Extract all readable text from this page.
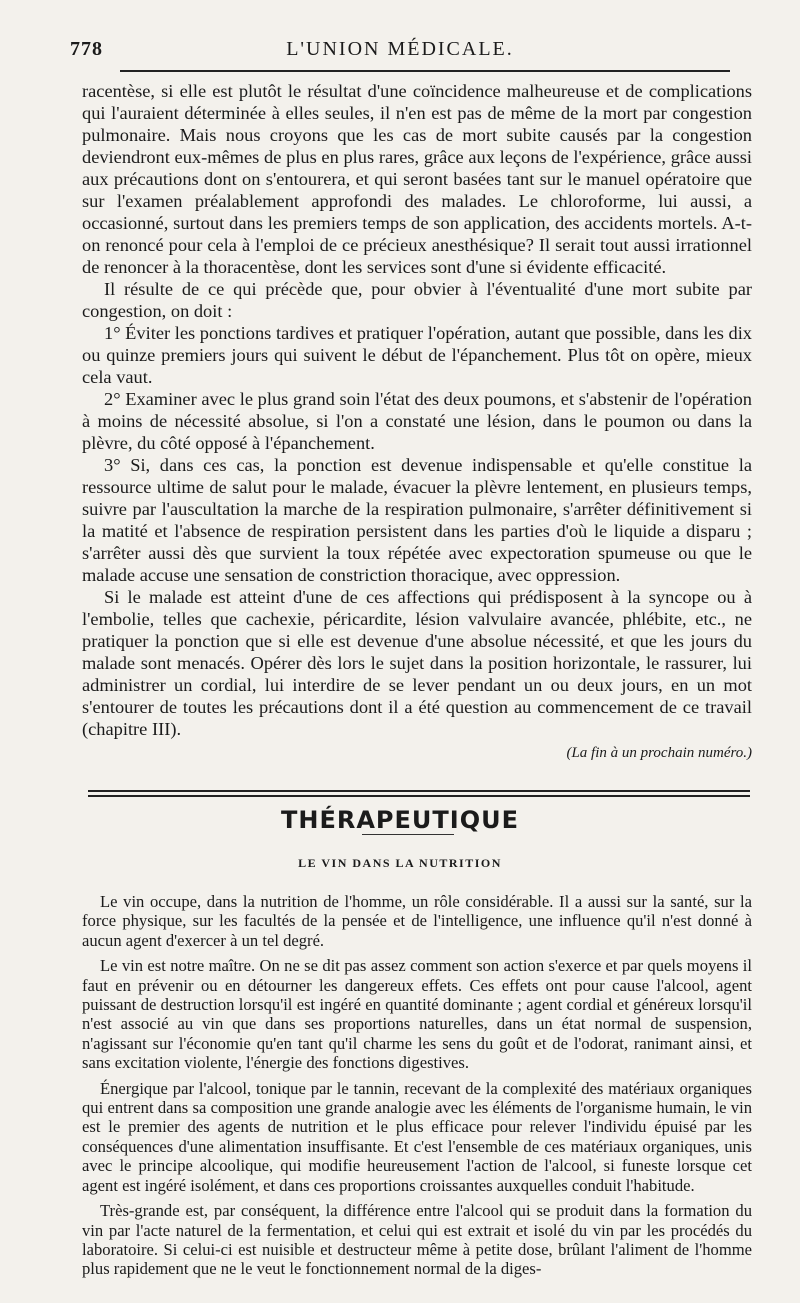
778	L'UNION MÉDICALE.

racentèse, si elle est plutôt le résultat d'une coïncidence malheureuse et de complications qui l'auraient déterminée à elles seules, il n'en est pas de même de la mort par congestion pulmonaire. Mais nous croyons que les cas de mort subite causés par la congestion deviendront eux-mêmes de plus en plus rares, grâce aux leçons de l'expérience, grâce aussi aux précautions dont on s'entourera, et qui seront basées tant sur le manuel opératoire que sur l'examen préalablement approfondi des malades. Le chloroforme, lui aussi, a occasionné, surtout dans les premiers temps de son application, des accidents mortels. A-t-on renoncé pour cela à l'emploi de ce précieux anesthésique? Il serait tout aussi irrationnel de renoncer à la thoracentèse, dont les services sont d'une si évidente efficacité.

Il résulte de ce qui précède que, pour obvier à l'éventualité d'une mort subite par congestion, on doit :

1° Éviter les ponctions tardives et pratiquer l'opération, autant que possible, dans les dix ou quinze premiers jours qui suivent le début de l'épanchement. Plus tôt on opère, mieux cela vaut.

2° Examiner avec le plus grand soin l'état des deux poumons, et s'abstenir de l'opération à moins de nécessité absolue, si l'on a constaté une lésion, dans le poumon ou dans la plèvre, du côté opposé à l'épanchement.

3° Si, dans ces cas, la ponction est devenue indispensable et qu'elle constitue la ressource ultime de salut pour le malade, évacuer la plèvre lentement, en plusieurs temps, suivre par l'auscultation la marche de la respiration pulmonaire, s'arrêter définitivement si la matité et l'absence de respiration persistent dans les parties d'où le liquide a disparu ; s'arrêter aussi dès que survient la toux répétée avec expectoration spumeuse ou que le malade accuse une sensation de constriction thoracique, avec oppression.

Si le malade est atteint d'une de ces affections qui prédisposent à la syncope ou à l'embolie, telles que cachexie, péricardite, lésion valvulaire avancée, phlébite, etc., ne pratiquer la ponction que si elle est devenue d'une absolue nécessité, et que les jours du malade sont menacés. Opérer dès lors le sujet dans la position horizontale, le rassurer, lui administrer un cordial, lui interdire de se lever pendant un ou deux jours, en un mot s'entourer de toutes les précautions dont il a été question au commencement de ce travail (chapitre III).

(La fin à un prochain numéro.)
THÉRAPEUTIQUE
LE VIN DANS LA NUTRITION

Le vin occupe, dans la nutrition de l'homme, un rôle considérable. Il a aussi sur la santé, sur la force physique, sur les facultés de la pensée et de l'intelligence, une influence qu'il n'est donné à aucun agent d'exercer à un tel degré.

Le vin est notre maître. On ne se dit pas assez comment son action s'exerce et par quels moyens il faut en prévenir ou en détourner les dangereux effets. Ces effets ont pour cause l'alcool, agent puissant de destruction lorsqu'il est ingéré en quantité dominante ; agent cordial et généreux lorsqu'il n'est associé au vin que dans ses proportions naturelles, dans un état normal de suspension, n'agissant sur l'économie qu'en tant qu'il charme les sens du goût et de l'odorat, ranimant ainsi, et sans excitation violente, l'énergie des fonctions digestives.

Énergique par l'alcool, tonique par le tannin, recevant de la complexité des matériaux organiques qui entrent dans sa composition une grande analogie avec les éléments de l'organisme humain, le vin est le premier des agents de nutrition et le plus efficace pour relever l'individu épuisé par les conséquences d'une alimentation insuffisante. Et c'est l'ensemble de ces matériaux organiques, unis avec le principe alcoolique, qui modifie heureusement l'action de l'alcool, si funeste lorsque cet agent est ingéré isolément, et dans ces proportions croissantes auxquelles conduit l'habitude.

Très-grande est, par conséquent, la différence entre l'alcool qui se produit dans la formation du vin par l'acte naturel de la fermentation, et celui qui est extrait et isolé du vin par les procédés du laboratoire. Si celui-ci est nuisible et destructeur même à petite dose, brûlant l'aliment de l'homme plus rapidement que ne le veut le fonctionnement normal de la diges-
